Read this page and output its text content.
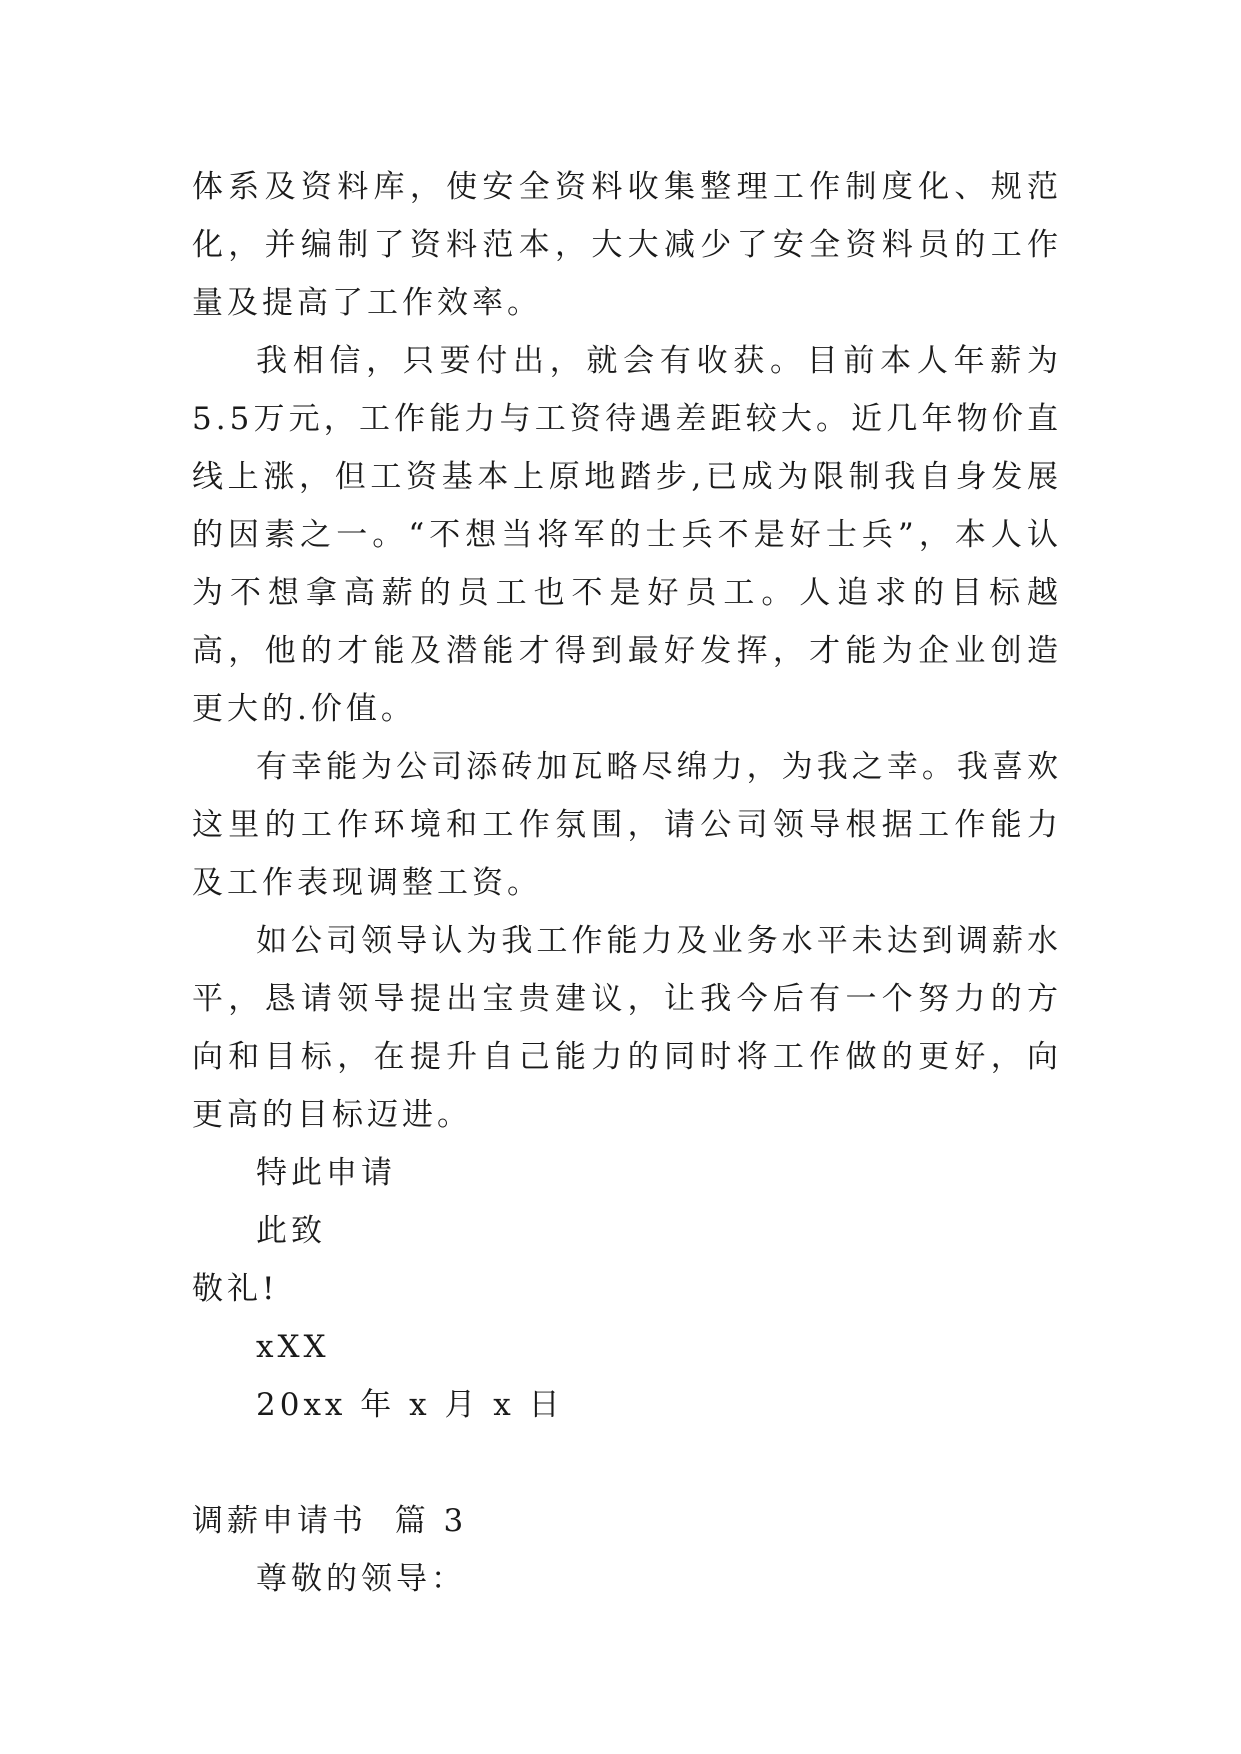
体系及资料库，使安全资料收集整理工作制度化、规范化，并编制了资料范本，大大减少了安全资料员的工作量及提高了工作效率。

我相信，只要付出，就会有收获。目前本人年薪为5.5万元，工作能力与工资待遇差距较大。近几年物价直线上涨，但工资基本上原地踏步,已成为限制我自身发展的因素之一。“不想当将军的士兵不是好士兵”，本人认为不想拿高薪的员工也不是好员工。人追求的目标越高，他的才能及潜能才得到最好发挥，才能为企业创造更大的.价值。

有幸能为公司添砖加瓦略尽绵力，为我之幸。我喜欢这里的工作环境和工作氛围，请公司领导根据工作能力及工作表现调整工资。

如公司领导认为我工作能力及业务水平未达到调薪水平，恳请领导提出宝贵建议，让我今后有一个努力的方向和目标，在提升自己能力的同时将工作做的更好，向更高的目标迈进。

特此申请

此致

敬礼!

xXX

20xx 年 x 月 x 日

调薪申请书  篇 3

尊敬的领导：
